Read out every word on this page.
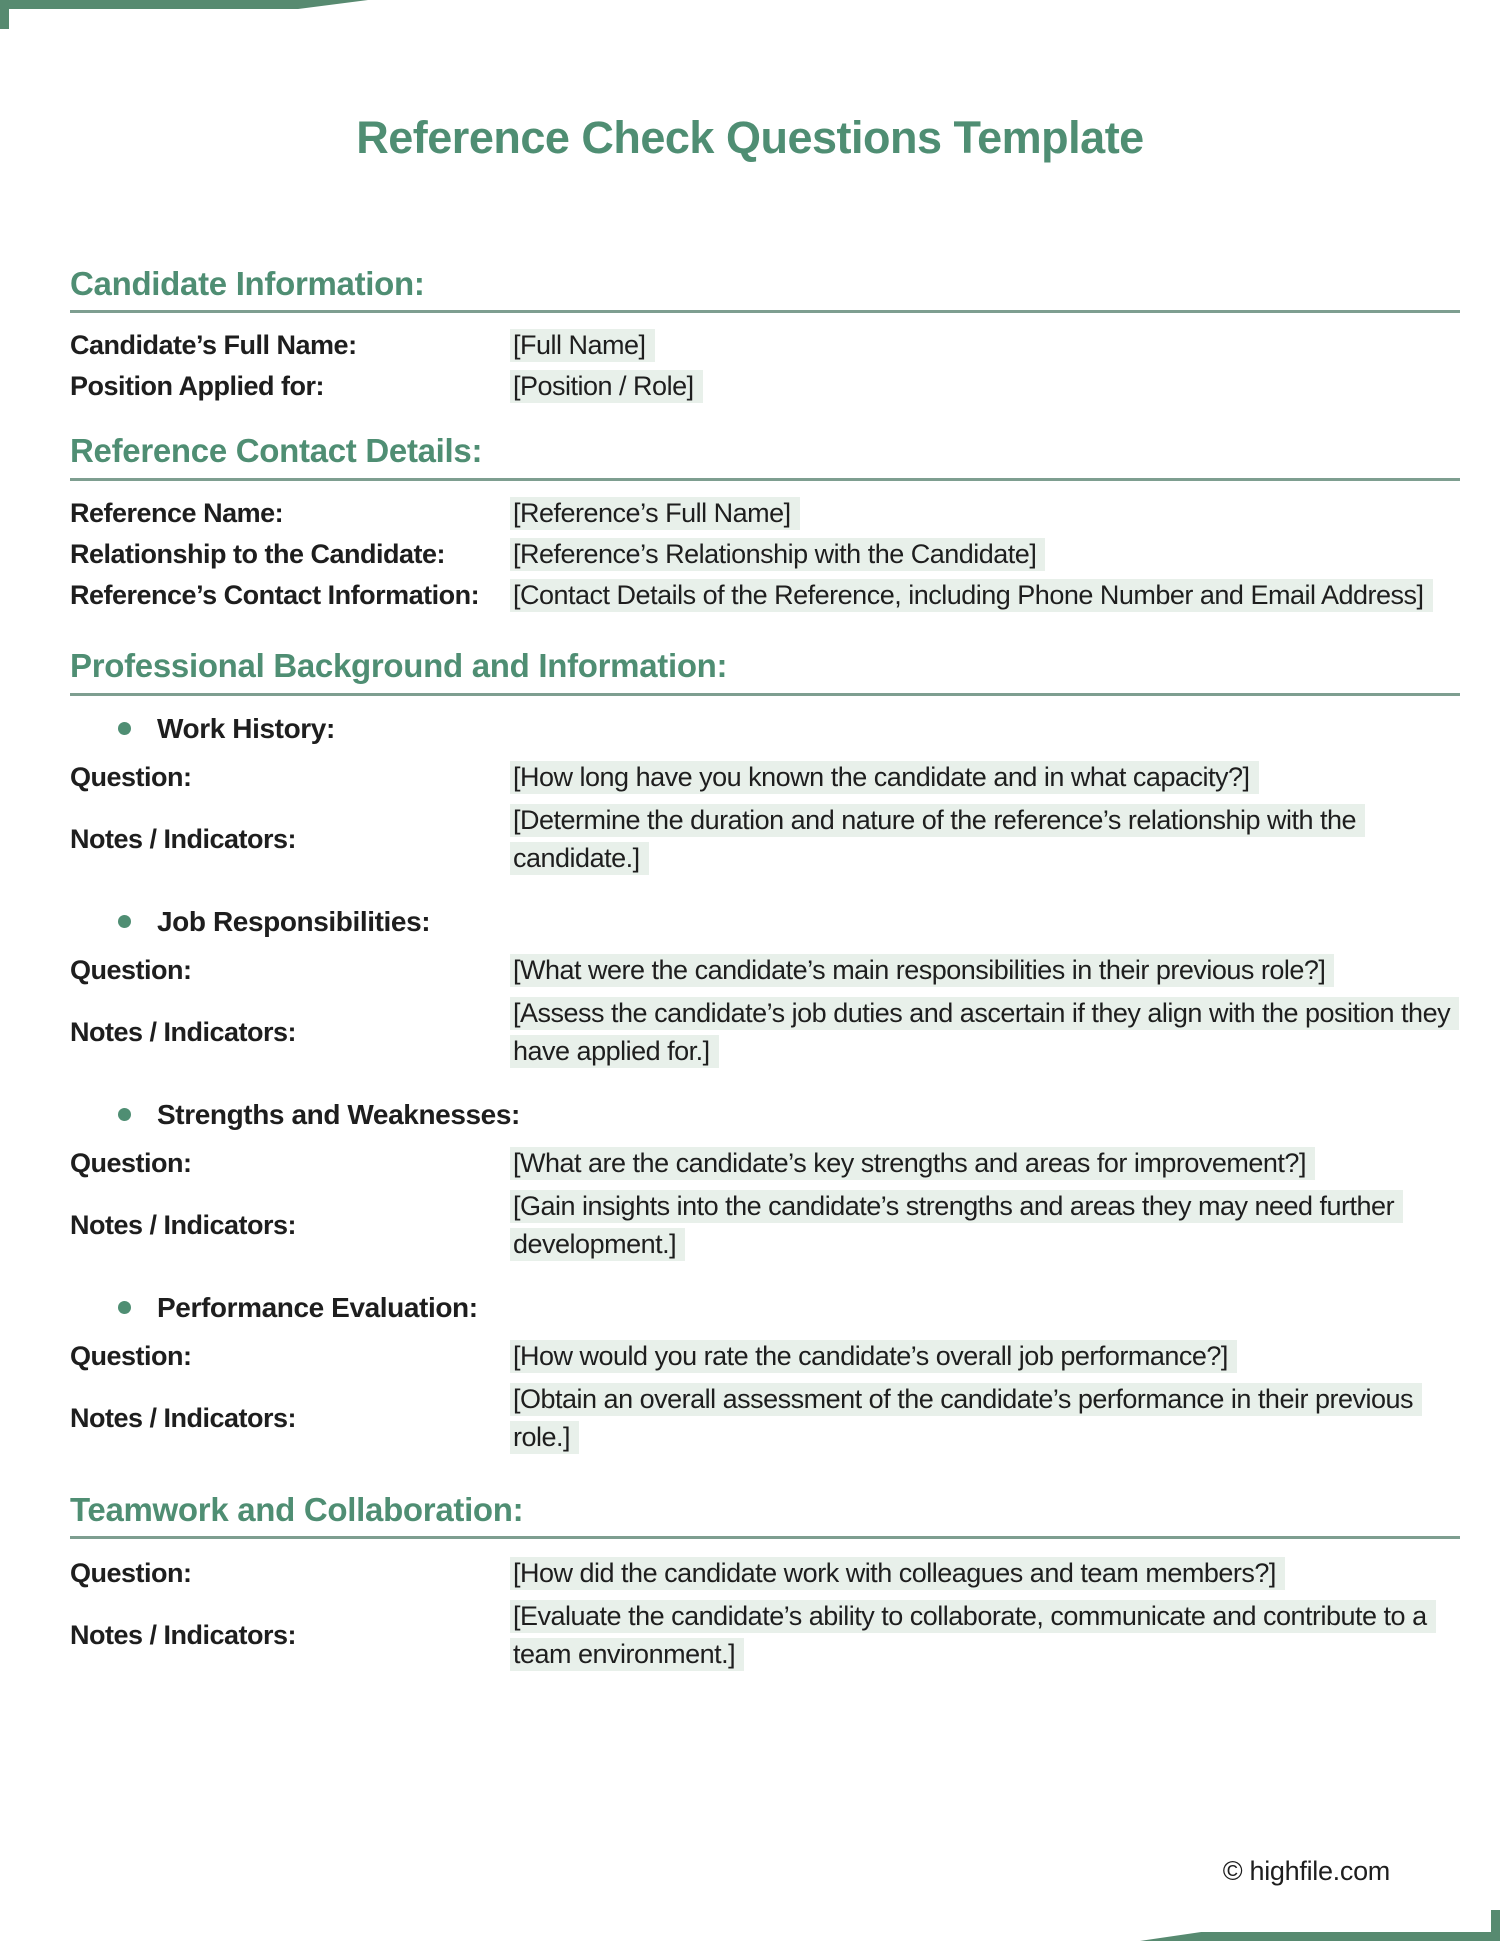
Reference Check Questions Template
Candidate Information:
Candidate’s Full Name:	[Full Name]
Position Applied for:	[Position / Role]
Reference Contact Details:
Reference Name:	[Reference’s Full Name]
Relationship to the Candidate:	[Reference’s Relationship with the Candidate]
Reference’s Contact Information:	[Contact Details of the Reference, including Phone Number and Email Address]
Professional Background and Information:
Work History:
Question:	[How long have you known the candidate and in what capacity?]
Notes / Indicators:
[Determine the duration and nature of the reference’s relationship with the candidate.]
Job Responsibilities:
Question:	[What were the candidate’s main responsibilities in their previous role?]
Notes / Indicators:
[Assess the candidate’s job duties and ascertain if they align with the position they have applied for.]
Strengths and Weaknesses:
Question:	[What are the candidate’s key strengths and areas for improvement?]
Notes / Indicators:
[Gain insights into the candidate’s strengths and areas they may need further development.]
Performance Evaluation:
Question:	[How would you rate the candidate’s overall job performance?]
Notes / Indicators:
[Obtain an overall assessment of the candidate’s performance in their previous role.]
Teamwork and Collaboration:
Question:	[How did the candidate work with colleagues and team members?]
Notes / Indicators:
[Evaluate the candidate’s ability to collaborate, communicate and contribute to a team environment.]
© highfile.com
